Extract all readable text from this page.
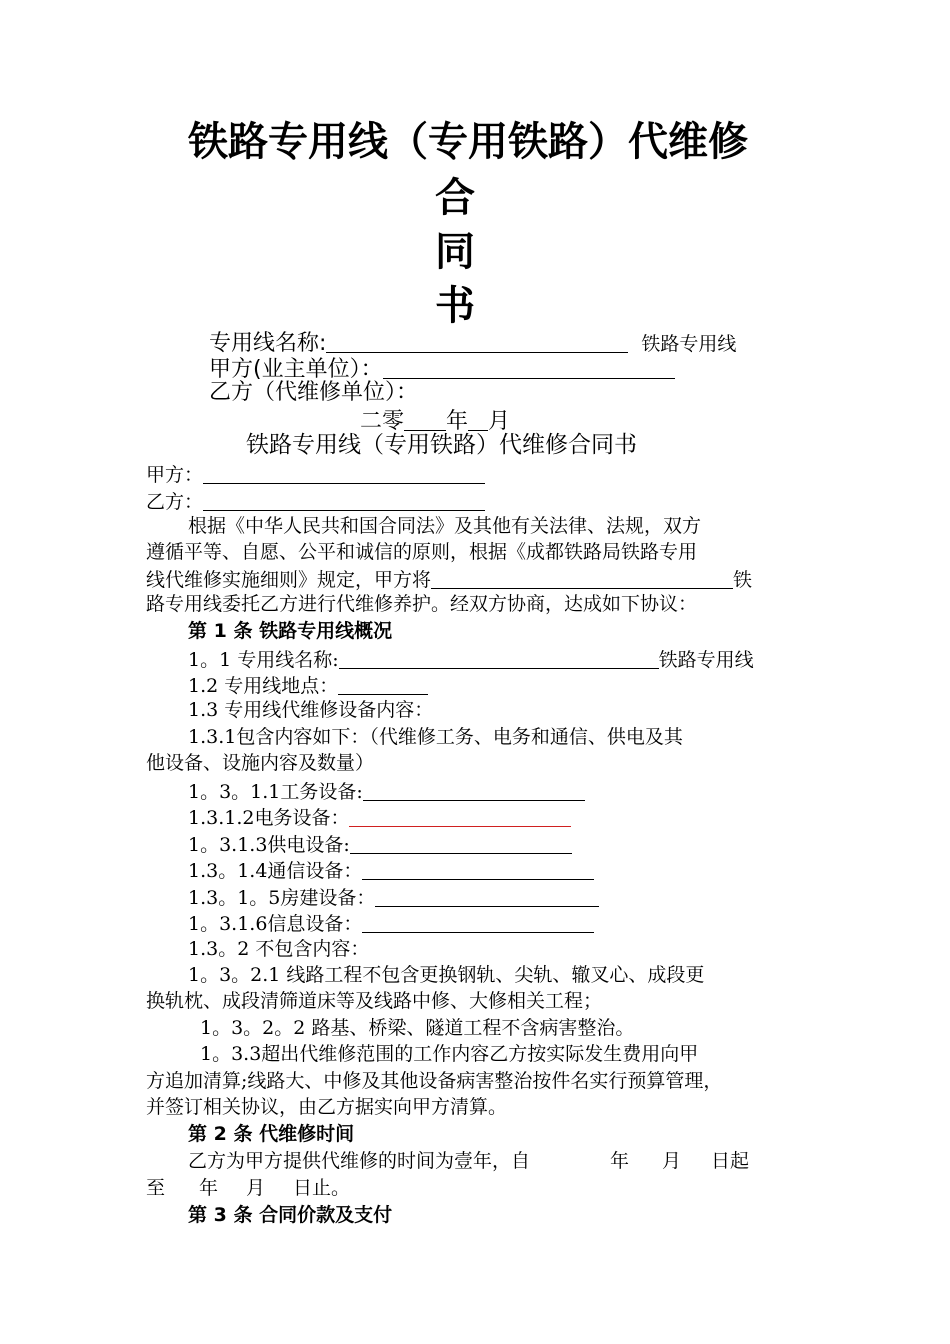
铁路专用线（专用铁路）代维修
合
同
书
专用线名称:	铁路专用线
甲方(业主单位）：
乙方（代维修单位）：
二零 年 月
铁路专用线（专用铁路）代维修合同书
甲方：
乙方：
根据《中华人民共和国合同法》及其他有关法律、法规，双方
遵循平等、自愿、公平和诚信的原则，根据《成都铁路局铁路专用
线代维修实施细则》规定，甲方将	铁
路专用线委托乙方进行代维修养护。经双方协商，达成如下协议：
第 1 条 铁路专用线概况
1。1 专用线名称:	铁路专用线
1.2 专用线地点：
1.3 专用线代维修设备内容：
1.3.1包含内容如下：（代维修工务、电务和通信、供电及其
他设备、设施内容及数量）
1。3。1.1工务设备:
1.3.1.2电务设备：
1。3.1.3供电设备:
1.3。1.4通信设备：
1.3。1。5房建设备：
1。3.1.6信息设备：
1.3。2 不包含内容：
1。3。2.1 线路工程不包含更换钢轨、尖轨、辙叉心、成段更
换轨枕、成段清筛道床等及线路中修、大修相关工程；
1。3。2。2 路基、桥梁、隧道工程不含病害整治。
1。3.3超出代维修范围的工作内容乙方按实际发生费用向甲
方追加清算;线路大、中修及其他设备病害整治按件名实行预算管理，
并签订相关协议，由乙方据实向甲方清算。
第 2 条 代维修时间
乙方为甲方提供代维修的时间为壹年，自	年 月 日起
至 年 月 日止。
第 3 条 合同价款及支付
